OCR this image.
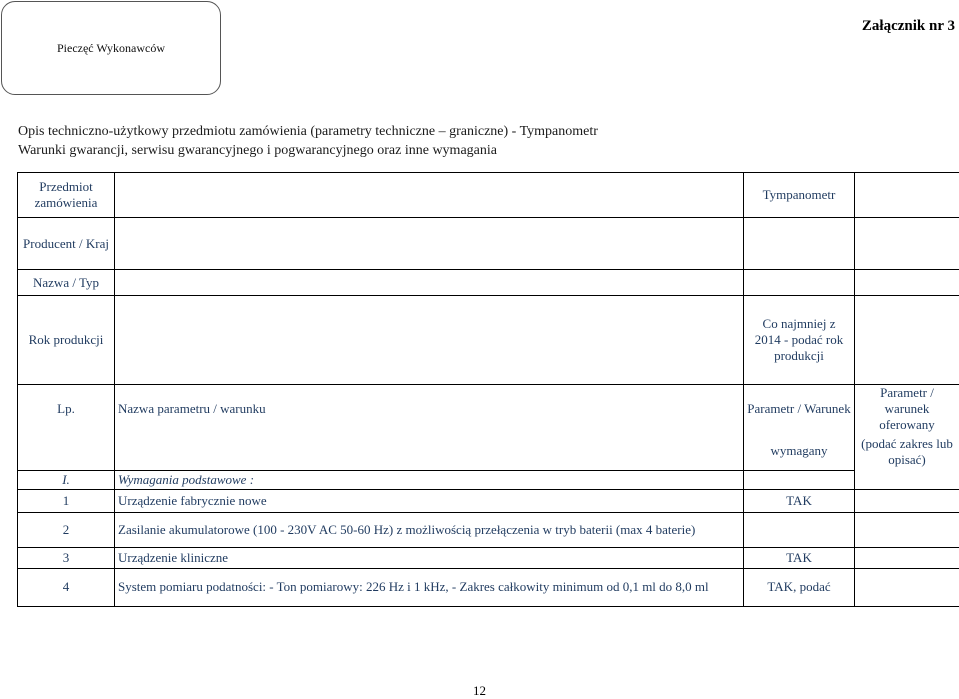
Pieczęć Wykonawców
Załącznik nr 3
Opis techniczno-użytkowy przedmiotu zamówienia (parametry techniczne – graniczne) - Tympanometr
Warunki gwarancji, serwisu gwarancyjnego i pogwarancyjnego oraz inne wymagania
Przedmiot zamówienia		Tympanometr	
Producent / Kraj			
Nazwa / Typ			
Rok produkcji		Co najmniej z 2014 - podać rok produkcji	
Lp.	Nazwa parametru / warunku	Parametr / Warunek	Parametr / warunek oferowany
		wymagany	(podać zakres lub opisać)
I.	Wymagania podstawowe :		
1	Urządzenie fabrycznie nowe	TAK	
2	Zasilanie akumulatorowe (100 - 230V AC 50-60 Hz) z możliwością przełączenia w tryb baterii (max 4 baterie)		
3	Urządzenie kliniczne	TAK	
4	System pomiaru podatności: - Ton pomiarowy: 226 Hz i 1 kHz, - Zakres całkowity minimum od 0,1 ml do 8,0 ml	TAK, podać	
12
